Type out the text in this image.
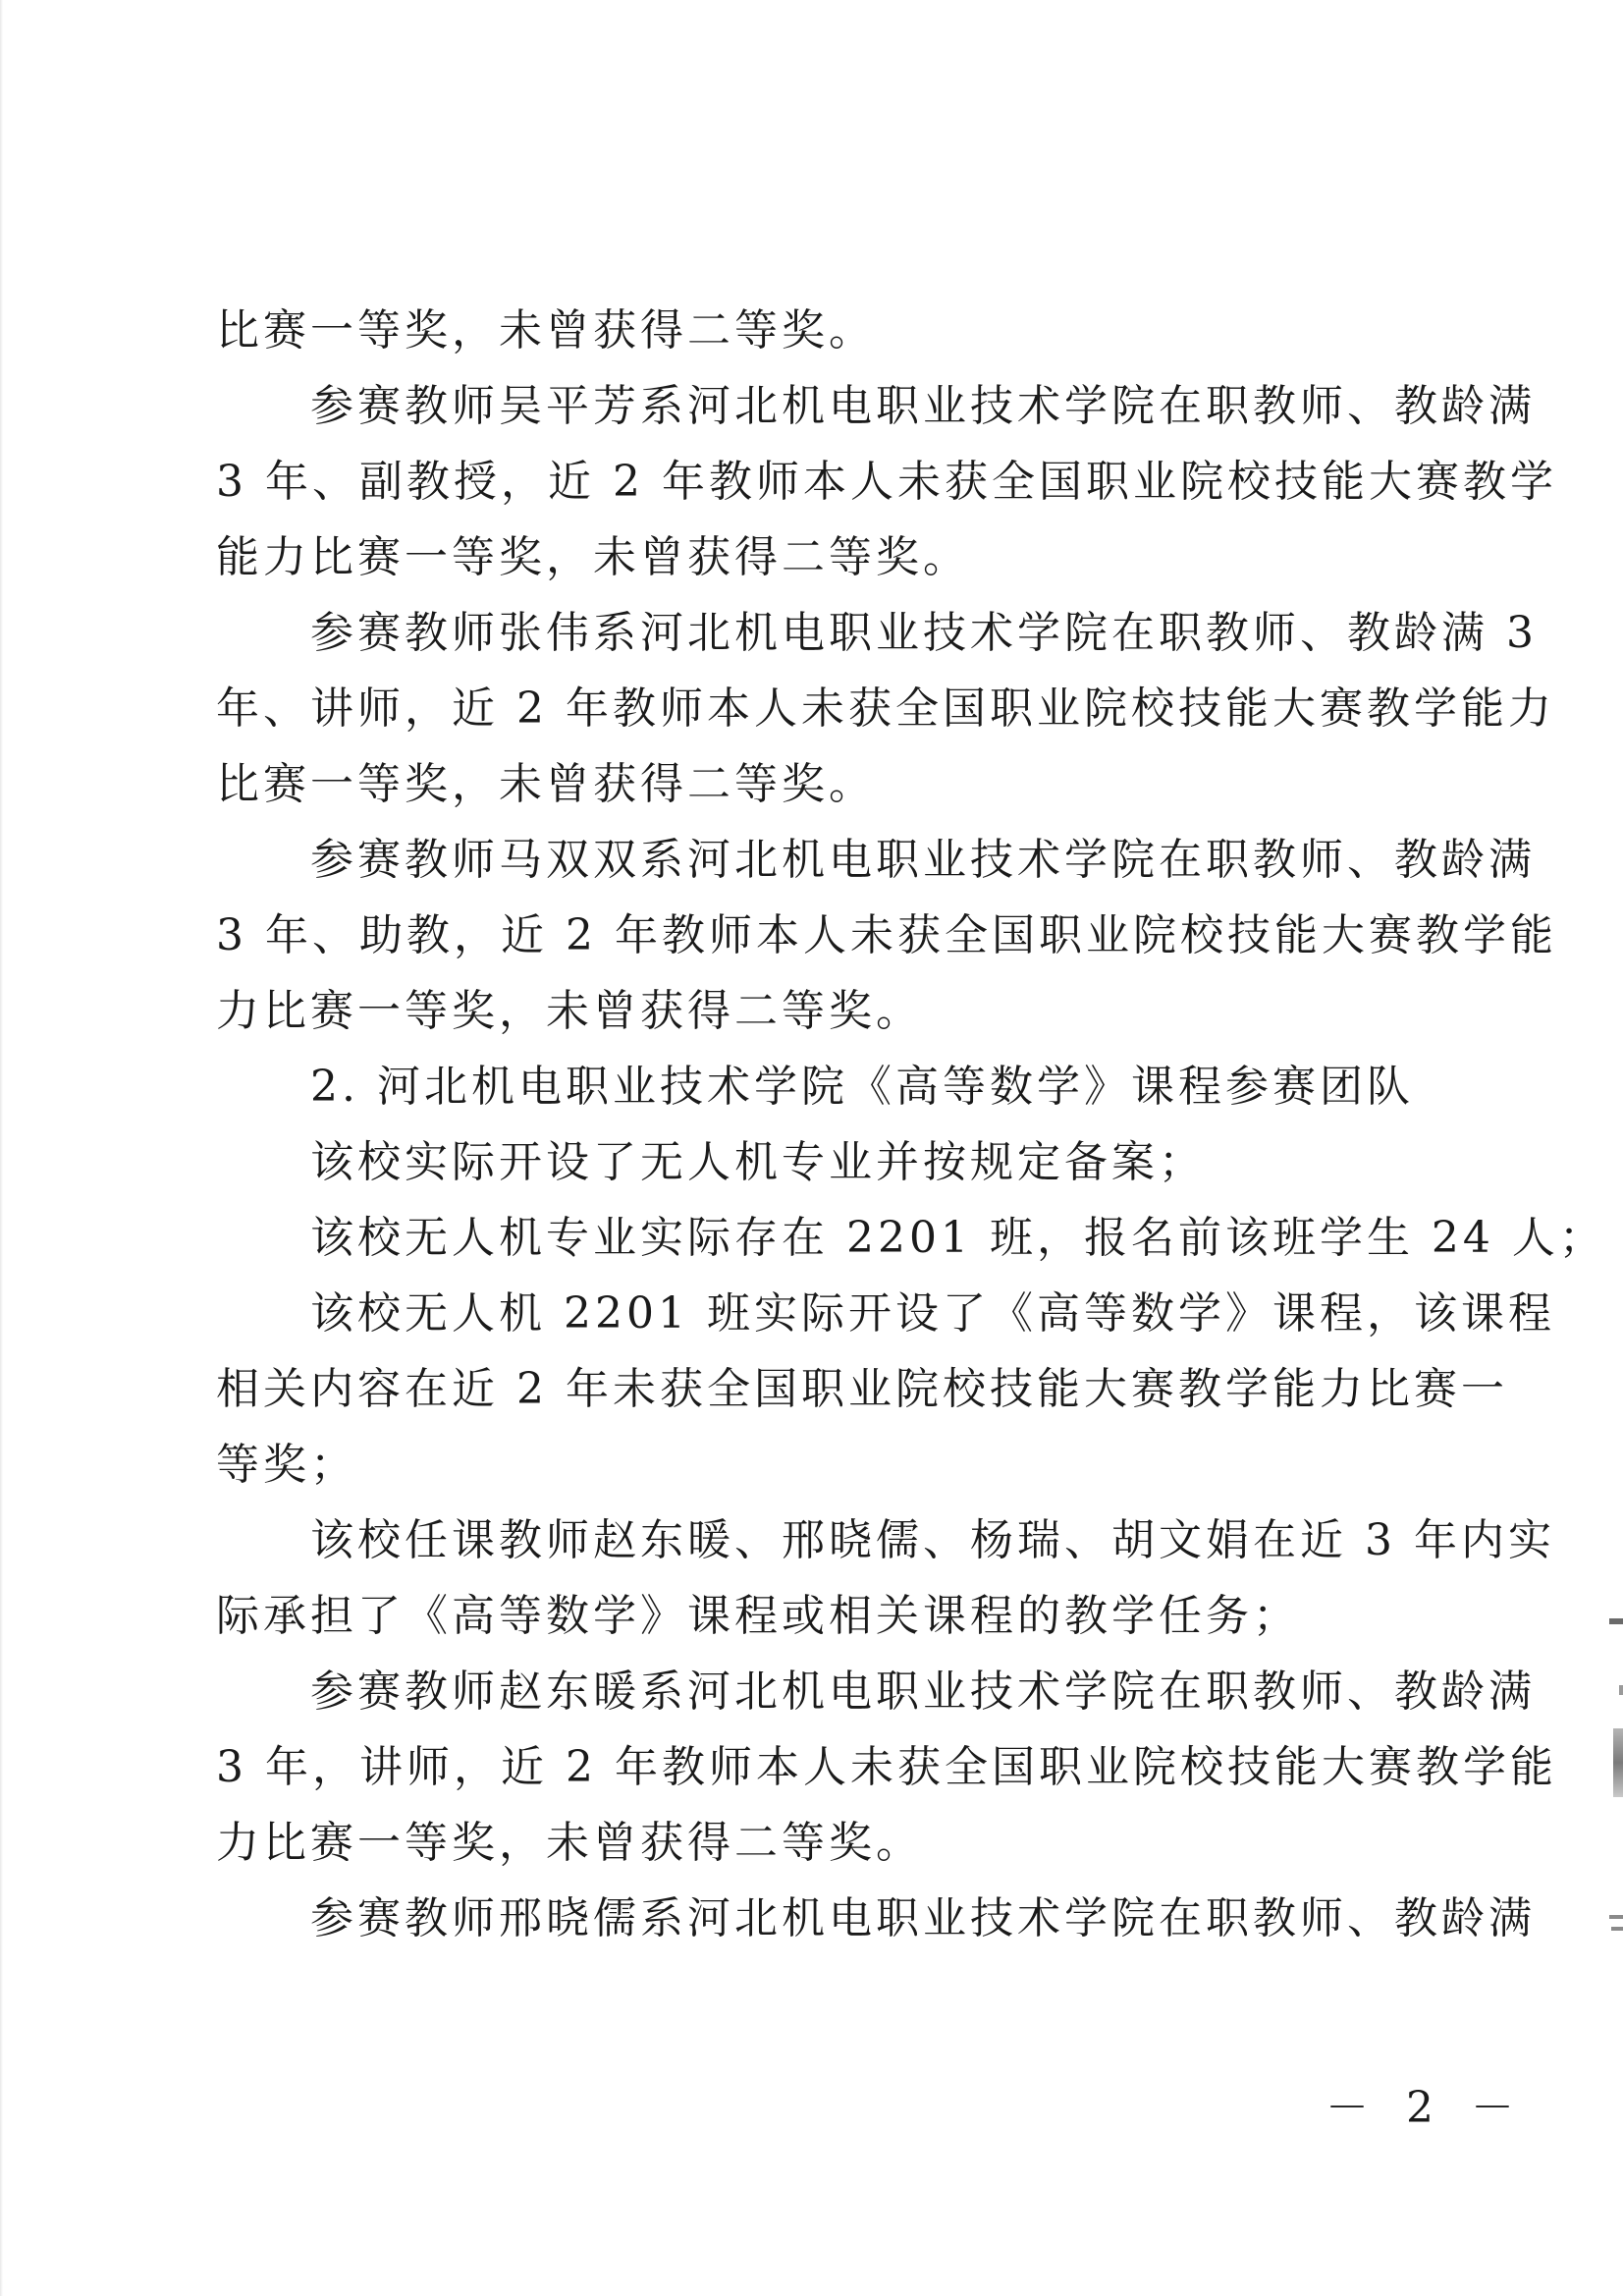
比赛一等奖，未曾获得二等奖。

　　参赛教师吴平芳系河北机电职业技术学院在职教师、教龄满

3 年、副教授，近 2 年教师本人未获全国职业院校技能大赛教学

能力比赛一等奖，未曾获得二等奖。

　　参赛教师张伟系河北机电职业技术学院在职教师、教龄满 3

年、讲师，近 2 年教师本人未获全国职业院校技能大赛教学能力

比赛一等奖，未曾获得二等奖。

　　参赛教师马双双系河北机电职业技术学院在职教师、教龄满

3 年、助教，近 2 年教师本人未获全国职业院校技能大赛教学能

力比赛一等奖，未曾获得二等奖。

　　2. 河北机电职业技术学院《高等数学》课程参赛团队

　　该校实际开设了无人机专业并按规定备案；

　　该校无人机专业实际存在 2201 班，报名前该班学生 24 人；

　　该校无人机 2201 班实际开设了《高等数学》课程，该课程

相关内容在近 2 年未获全国职业院校技能大赛教学能力比赛一

等奖；

　　该校任课教师赵东暖、邢晓儒、杨瑞、胡文娟在近 3 年内实

际承担了《高等数学》课程或相关课程的教学任务；

　　参赛教师赵东暖系河北机电职业技术学院在职教师、教龄满

3 年，讲师，近 2 年教师本人未获全国职业院校技能大赛教学能

力比赛一等奖，未曾获得二等奖。

　　参赛教师邢晓儒系河北机电职业技术学院在职教师、教龄满

－ 2 －
